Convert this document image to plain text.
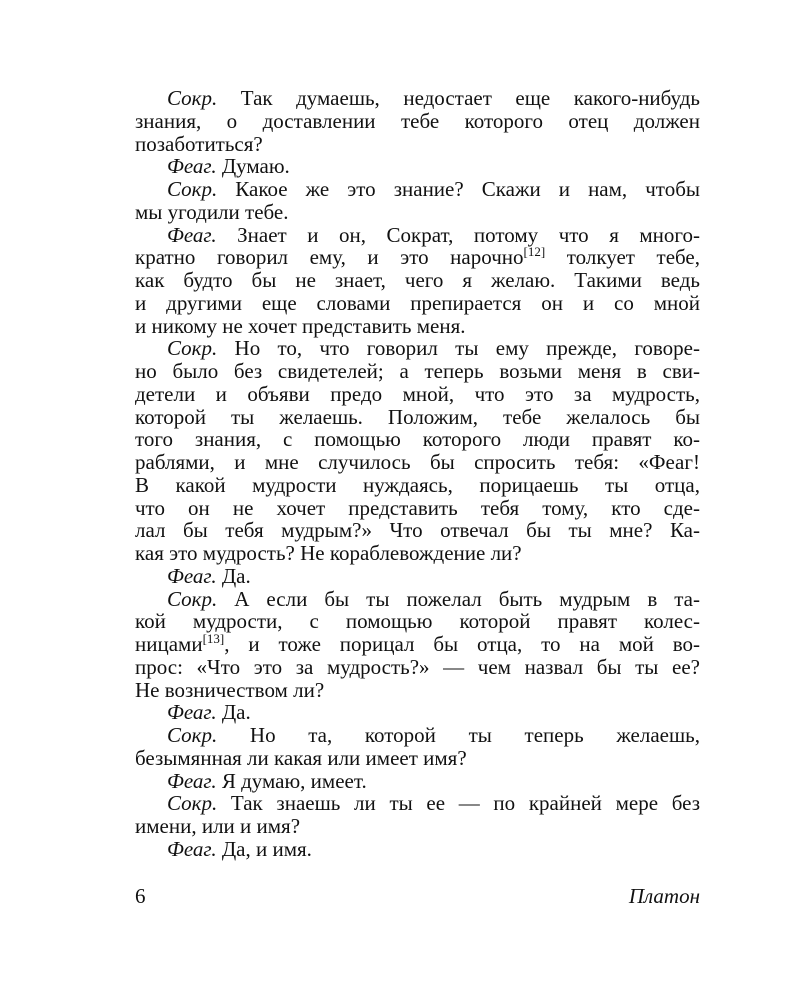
Сокр. Так думаешь, недостает еще какого-нибудь
знания, о доставлении тебе которого отец должен
позаботиться?
Феаг. Думаю.
Сокр. Какое же это знание? Скажи и нам, чтобы
мы угодили тебе.
Феаг. Знает и он, Сократ, потому что я много-
кратно говорил ему, и это нарочно[12] толкует тебе,
как будто бы не знает, чего я желаю. Такими ведь
и другими еще словами препирается он и со мной
и никому не хочет представить меня.
Сокр. Но то, что говорил ты ему прежде, говоре-
но было без свидетелей; а теперь возьми меня в сви-
детели и объяви предо мной, что это за мудрость,
которой ты желаешь. Положим, тебе желалось бы
того знания, с помощью которого люди правят ко-
раблями, и мне случилось бы спросить тебя: «Феаг!
В какой мудрости нуждаясь, порицаешь ты отца,
что он не хочет представить тебя тому, кто сде-
лал бы тебя мудрым?» Что отвечал бы ты мне? Ка-
кая это мудрость? Не кораблевождение ли?
Феаг. Да.
Сокр. А если бы ты пожелал быть мудрым в та-
кой мудрости, с помощью которой правят колес-
ницами[13], и тоже порицал бы отца, то на мой во-
прос: «Что это за мудрость?» — чем назвал бы ты ее?
Не возничеством ли?
Феаг. Да.
Сокр. Но та, которой ты теперь желаешь,
безымянная ли какая или имеет имя?
Феаг. Я думаю, имеет.
Сокр. Так знаешь ли ты ее — по крайней мере без
имени, или и имя?
Феаг. Да, и имя.
6	Платон
